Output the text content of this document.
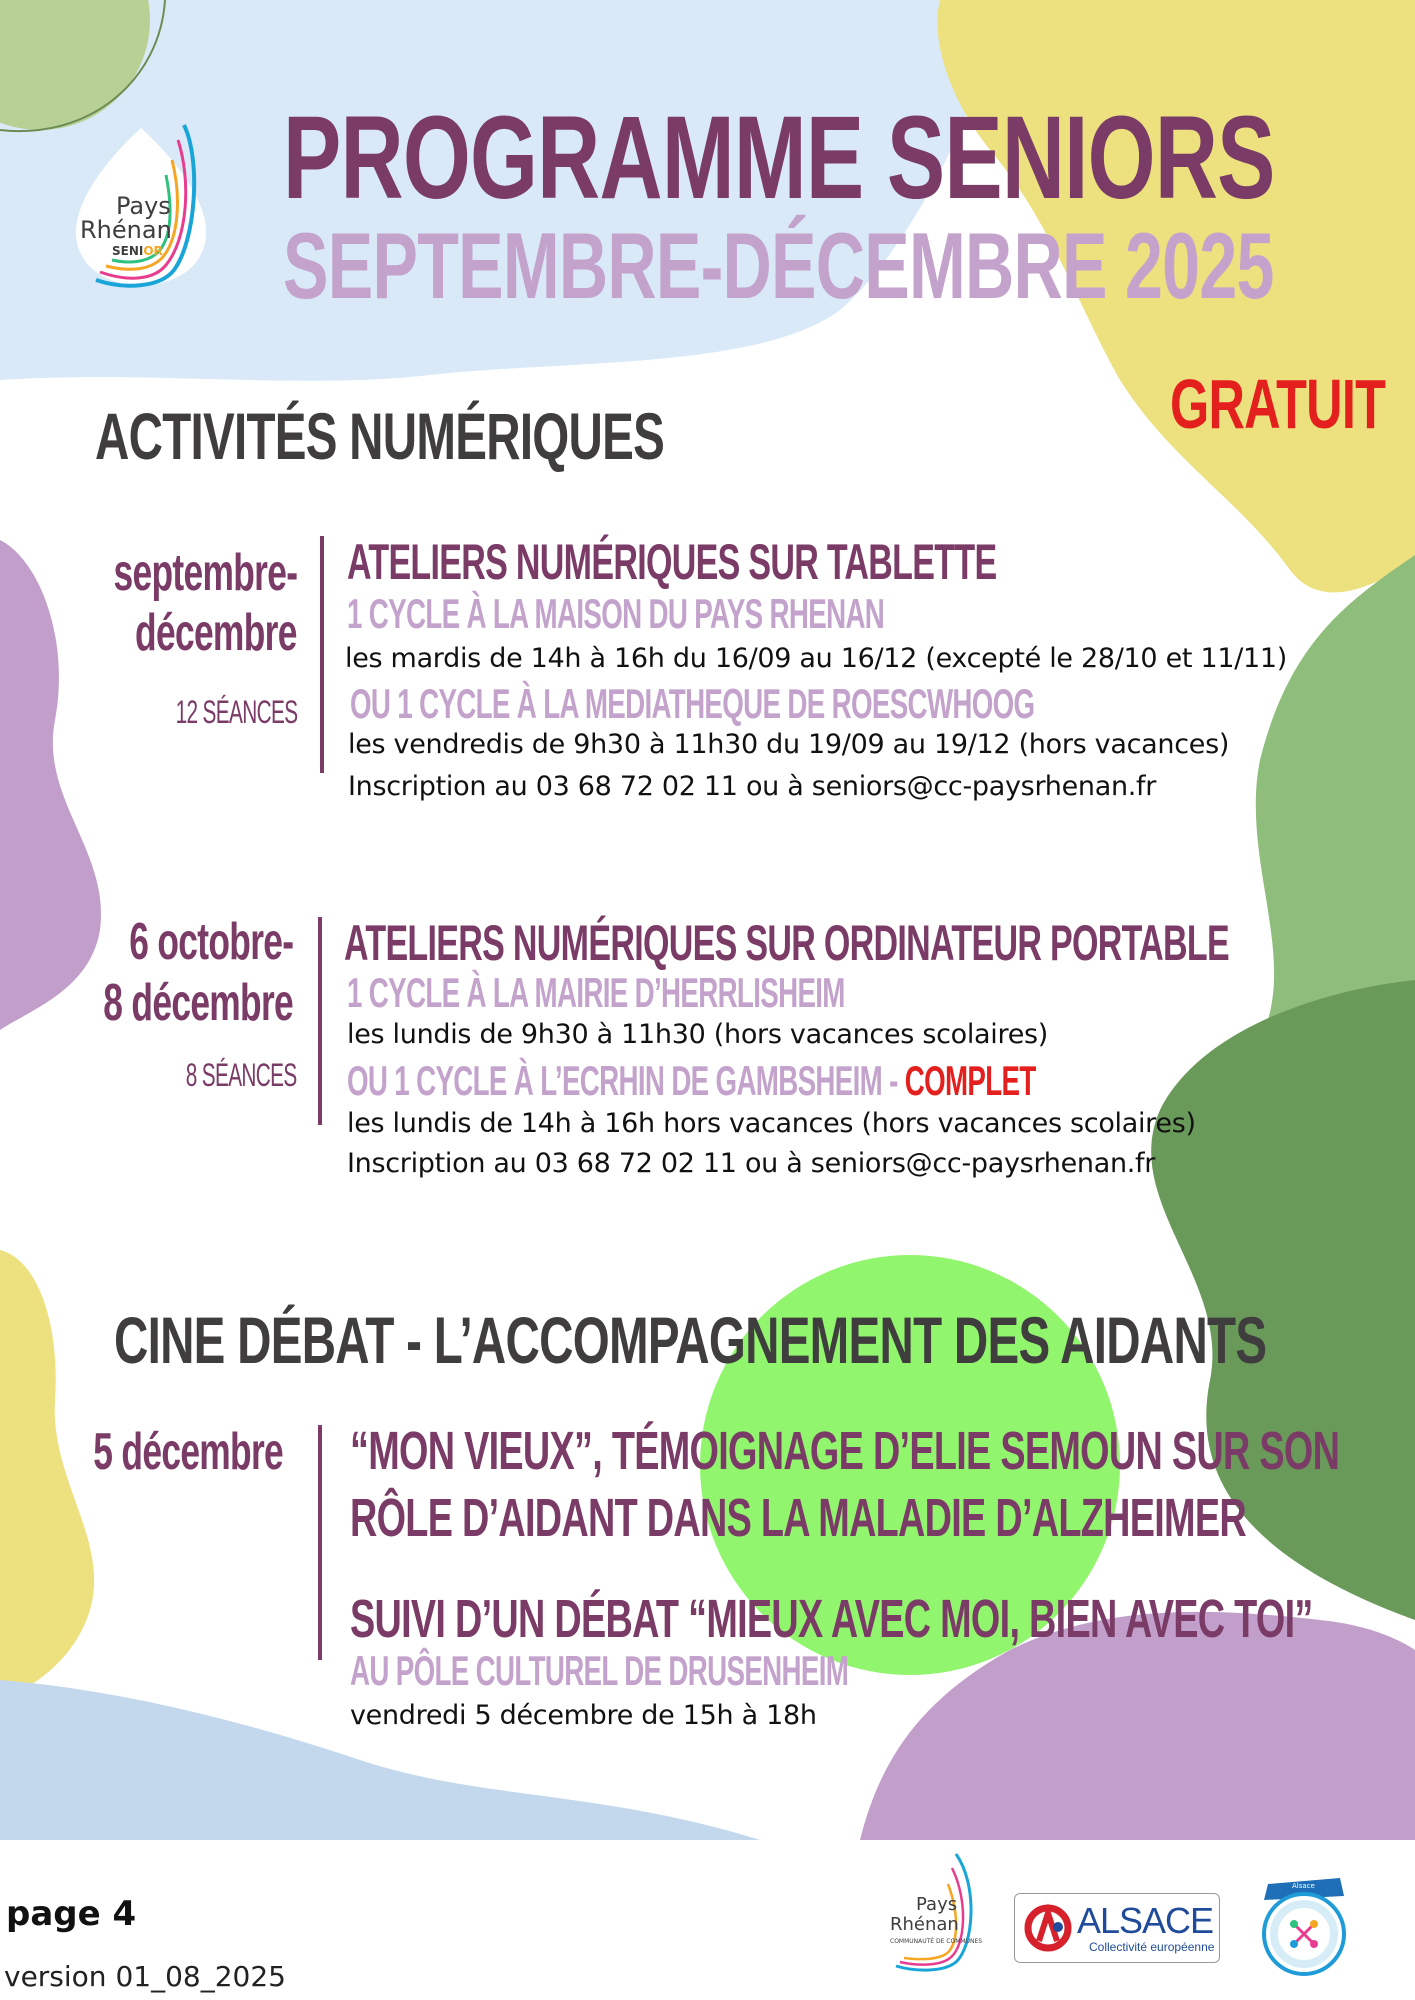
Pays
Rhénan
SENIOR
PROGRAMME SENIORS
SEPTEMBRE-DÉCEMBRE 2025
GRATUIT
ACTIVITÉS NUMÉRIQUES
septembre-
décembre
12 SÉANCES
ATELIERS NUMÉRIQUES SUR TABLETTE
1 CYCLE À LA MAISON DU PAYS RHENAN
les mardis de 14h à 16h du 16/09 au 16/12 (excepté le 28/10 et 11/11)
OU 1 CYCLE À LA MEDIATHEQUE DE ROESCWHOOG
les vendredis de 9h30 à 11h30 du 19/09 au 19/12 (hors vacances)
Inscription au 03 68 72 02 11 ou à seniors@cc-paysrhenan.fr
6 octobre-
8 décembre
8 SÉANCES
ATELIERS NUMÉRIQUES SUR ORDINATEUR PORTABLE
1 CYCLE À LA MAIRIE D’HERRLISHEIM
les lundis de 9h30 à 11h30 (hors vacances scolaires)
OU 1 CYCLE À L’ECRHIN DE GAMBSHEIM - COMPLET
les lundis de 14h à 16h hors vacances (hors vacances scolaires)
Inscription au 03 68 72 02 11 ou à seniors@cc-paysrhenan.fr
CINE DÉBAT - L’ACCOMPAGNEMENT DES AIDANTS
5 décembre “MON VIEUX”, TÉMOIGNAGE D’ELIE SEMOUN SUR SON
RÔLE D’AIDANT DANS LA MALADIE D’ALZHEIMER
SUIVI D’UN DÉBAT “MIEUX AVEC MOI, BIEN AVEC TOI”
AU PÔLE CULTUREL DE DRUSENHEIM
vendredi 5 décembre de 15h à 18h
page 4
version 01_08_2025
Pays
Rhénan
COMMUNAUTÉ DE COMMUNES
ALSACE
Collectivité européenne
Alsace
